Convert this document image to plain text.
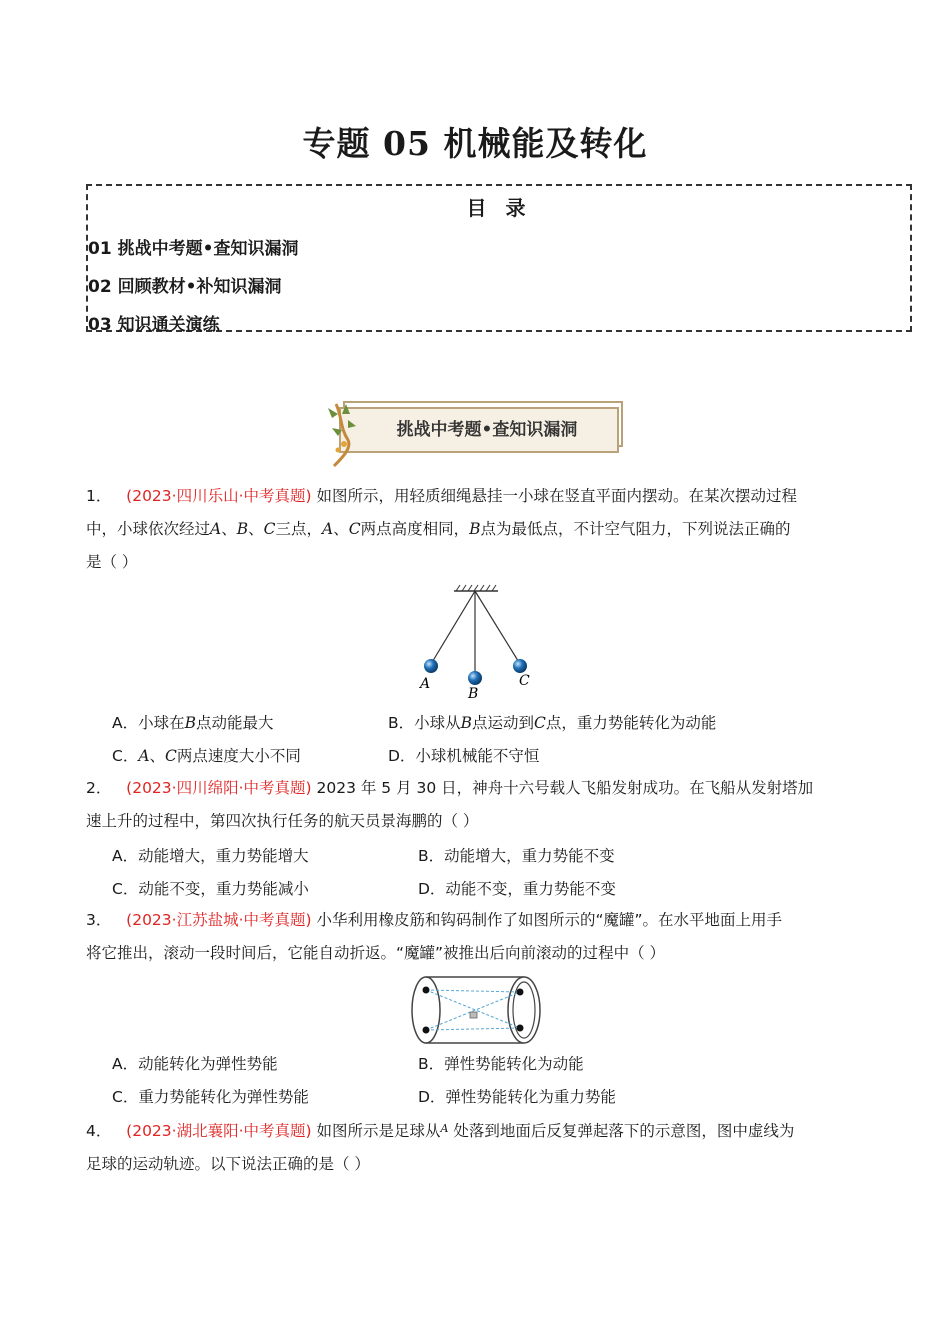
专题 05 机械能及转化
目 录
01 挑战中考题•查知识漏洞
02 回顾教材•补知识漏洞
03 知识通关演练
挑战中考题•查知识漏洞
1． (2023·四川乐山·中考真题) 如图所示，用轻质细绳悬挂一小球在竖直平面内摆动。在某次摆动过程
中，小球依次经过A、B、C三点，A、C两点高度相同，B点为最低点，不计空气阻力，下列说法正确的
是（ ）
A
B
C
A．小球在B点动能最大	B．小球从B点运动到C点，重力势能转化为动能
C．A、C两点速度大小不同	D．小球机械能不守恒
2． (2023·四川绵阳·中考真题) 2023 年 5 月 30 日，神舟十六号载人飞船发射成功。在飞船从发射塔加
速上升的过程中，第四次执行任务的航天员景海鹏的（ ）
A．动能增大，重力势能增大	B．动能增大，重力势能不变
C．动能不变，重力势能减小	D．动能不变，重力势能不变
3． (2023·江苏盐城·中考真题) 小华利用橡皮筋和钩码制作了如图所示的“魔罐”。在水平地面上用手
将它推出，滚动一段时间后，它能自动折返。“魔罐”被推出后向前滚动的过程中（ ）
A．动能转化为弹性势能	B．弹性势能转化为动能
C．重力势能转化为弹性势能	D．弹性势能转化为重力势能
4． (2023·湖北襄阳·中考真题) 如图所示是足球从$^A$ 处落到地面后反复弹起落下的示意图，图中虚线为
足球的运动轨迹。以下说法正确的是（ ）
